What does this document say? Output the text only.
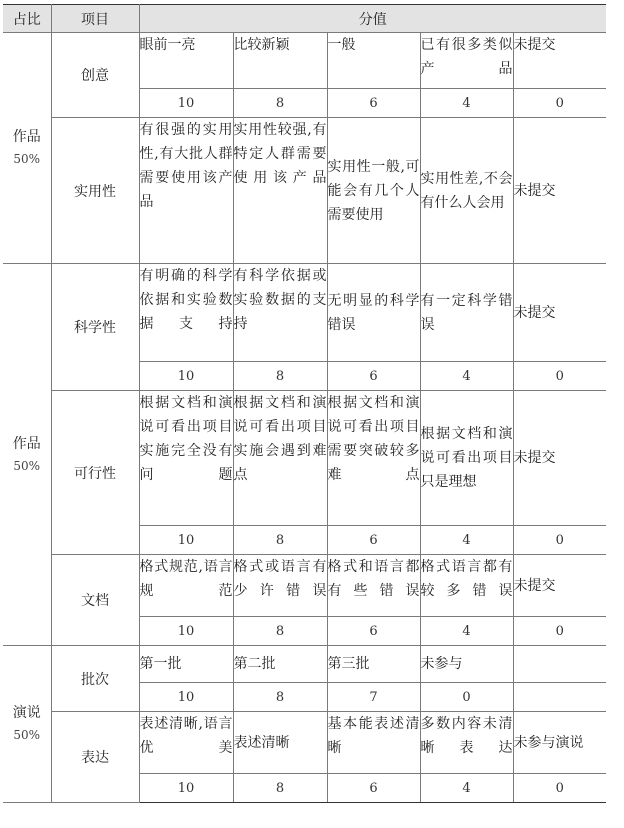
占比	项目	分值				

作品
50%	创意	眼前一亮	比较新颖	一般	已有很多类似产品	未提交
		10	8	6	4	0
	实用性	有很强的实用性,有大批人群需要使用该产品	实用性较强,有特定人群需要使用该产品	实用性一般,可能会有几个人需要使用	实用性差,不会有什么人会用	未提交

作品
50%	科学性	有明确的科学依据和实验数据支持	有科学依据或实验数据的支持	无明显的科学错误	有一定科学错误	未提交
		10	8	6	4	0
	可行性	根据文档和演说可看出项目实施完全没有问题	根据文档和演说可看出项目实施会遇到难点	根据文档和演说可看出项目需要突破较多难点	根据文档和演说可看出项目只是理想	未提交
		10	8	6	4	0
	文档	格式规范,语言规范	格式或语言有少许错误	格式和语言都有些错误	格式语言都有较多错误	未提交
		10	8	6	4	0

演说
50%	批次	第一批	第二批	第三批	未参与	
		10	8	7	0	
	表达	表述清晰,语言优美	表述清晰	基本能表述清晰	多数内容未清晰表达	未参与演说
		10	8	6	4	0
